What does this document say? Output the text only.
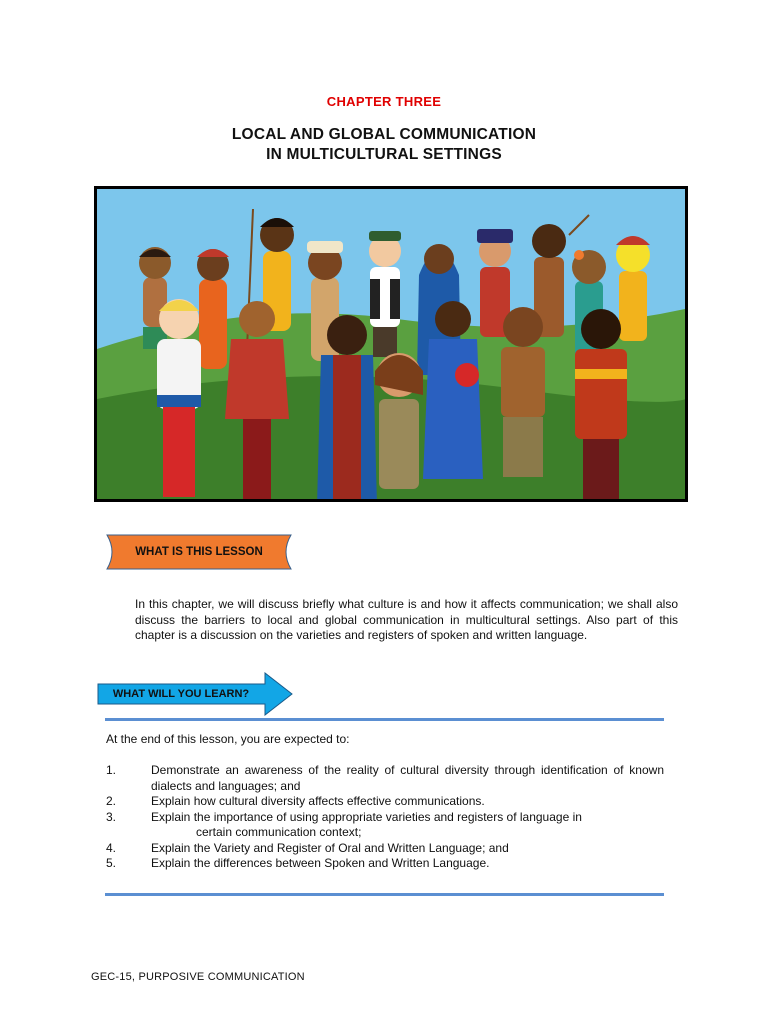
CHAPTER THREE
LOCAL AND GLOBAL COMMUNICATION
IN MULTICULTURAL SETTINGS
WHAT IS THIS LESSON

In this chapter, we will discuss briefly what culture is and how it affects communication; we shall also discuss the barriers to local and global communication in multicultural settings. Also part of this chapter is a discussion on the varieties and registers of spoken and written language.

WHAT WILL YOU LEARN?
At the end of this lesson, you are expected to:
1.	Demonstrate an awareness of the reality of cultural diversity through identification of known dialects and languages; and
2.	Explain how cultural diversity affects effective communications.
3.	Explain the importance of using appropriate varieties and registers of language in
certain communication context;
4.	Explain the Variety and Register of Oral and Written Language; and
5.	Explain the differences between Spoken and Written Language.
GEC-15, PURPOSIVE COMMUNICATION
